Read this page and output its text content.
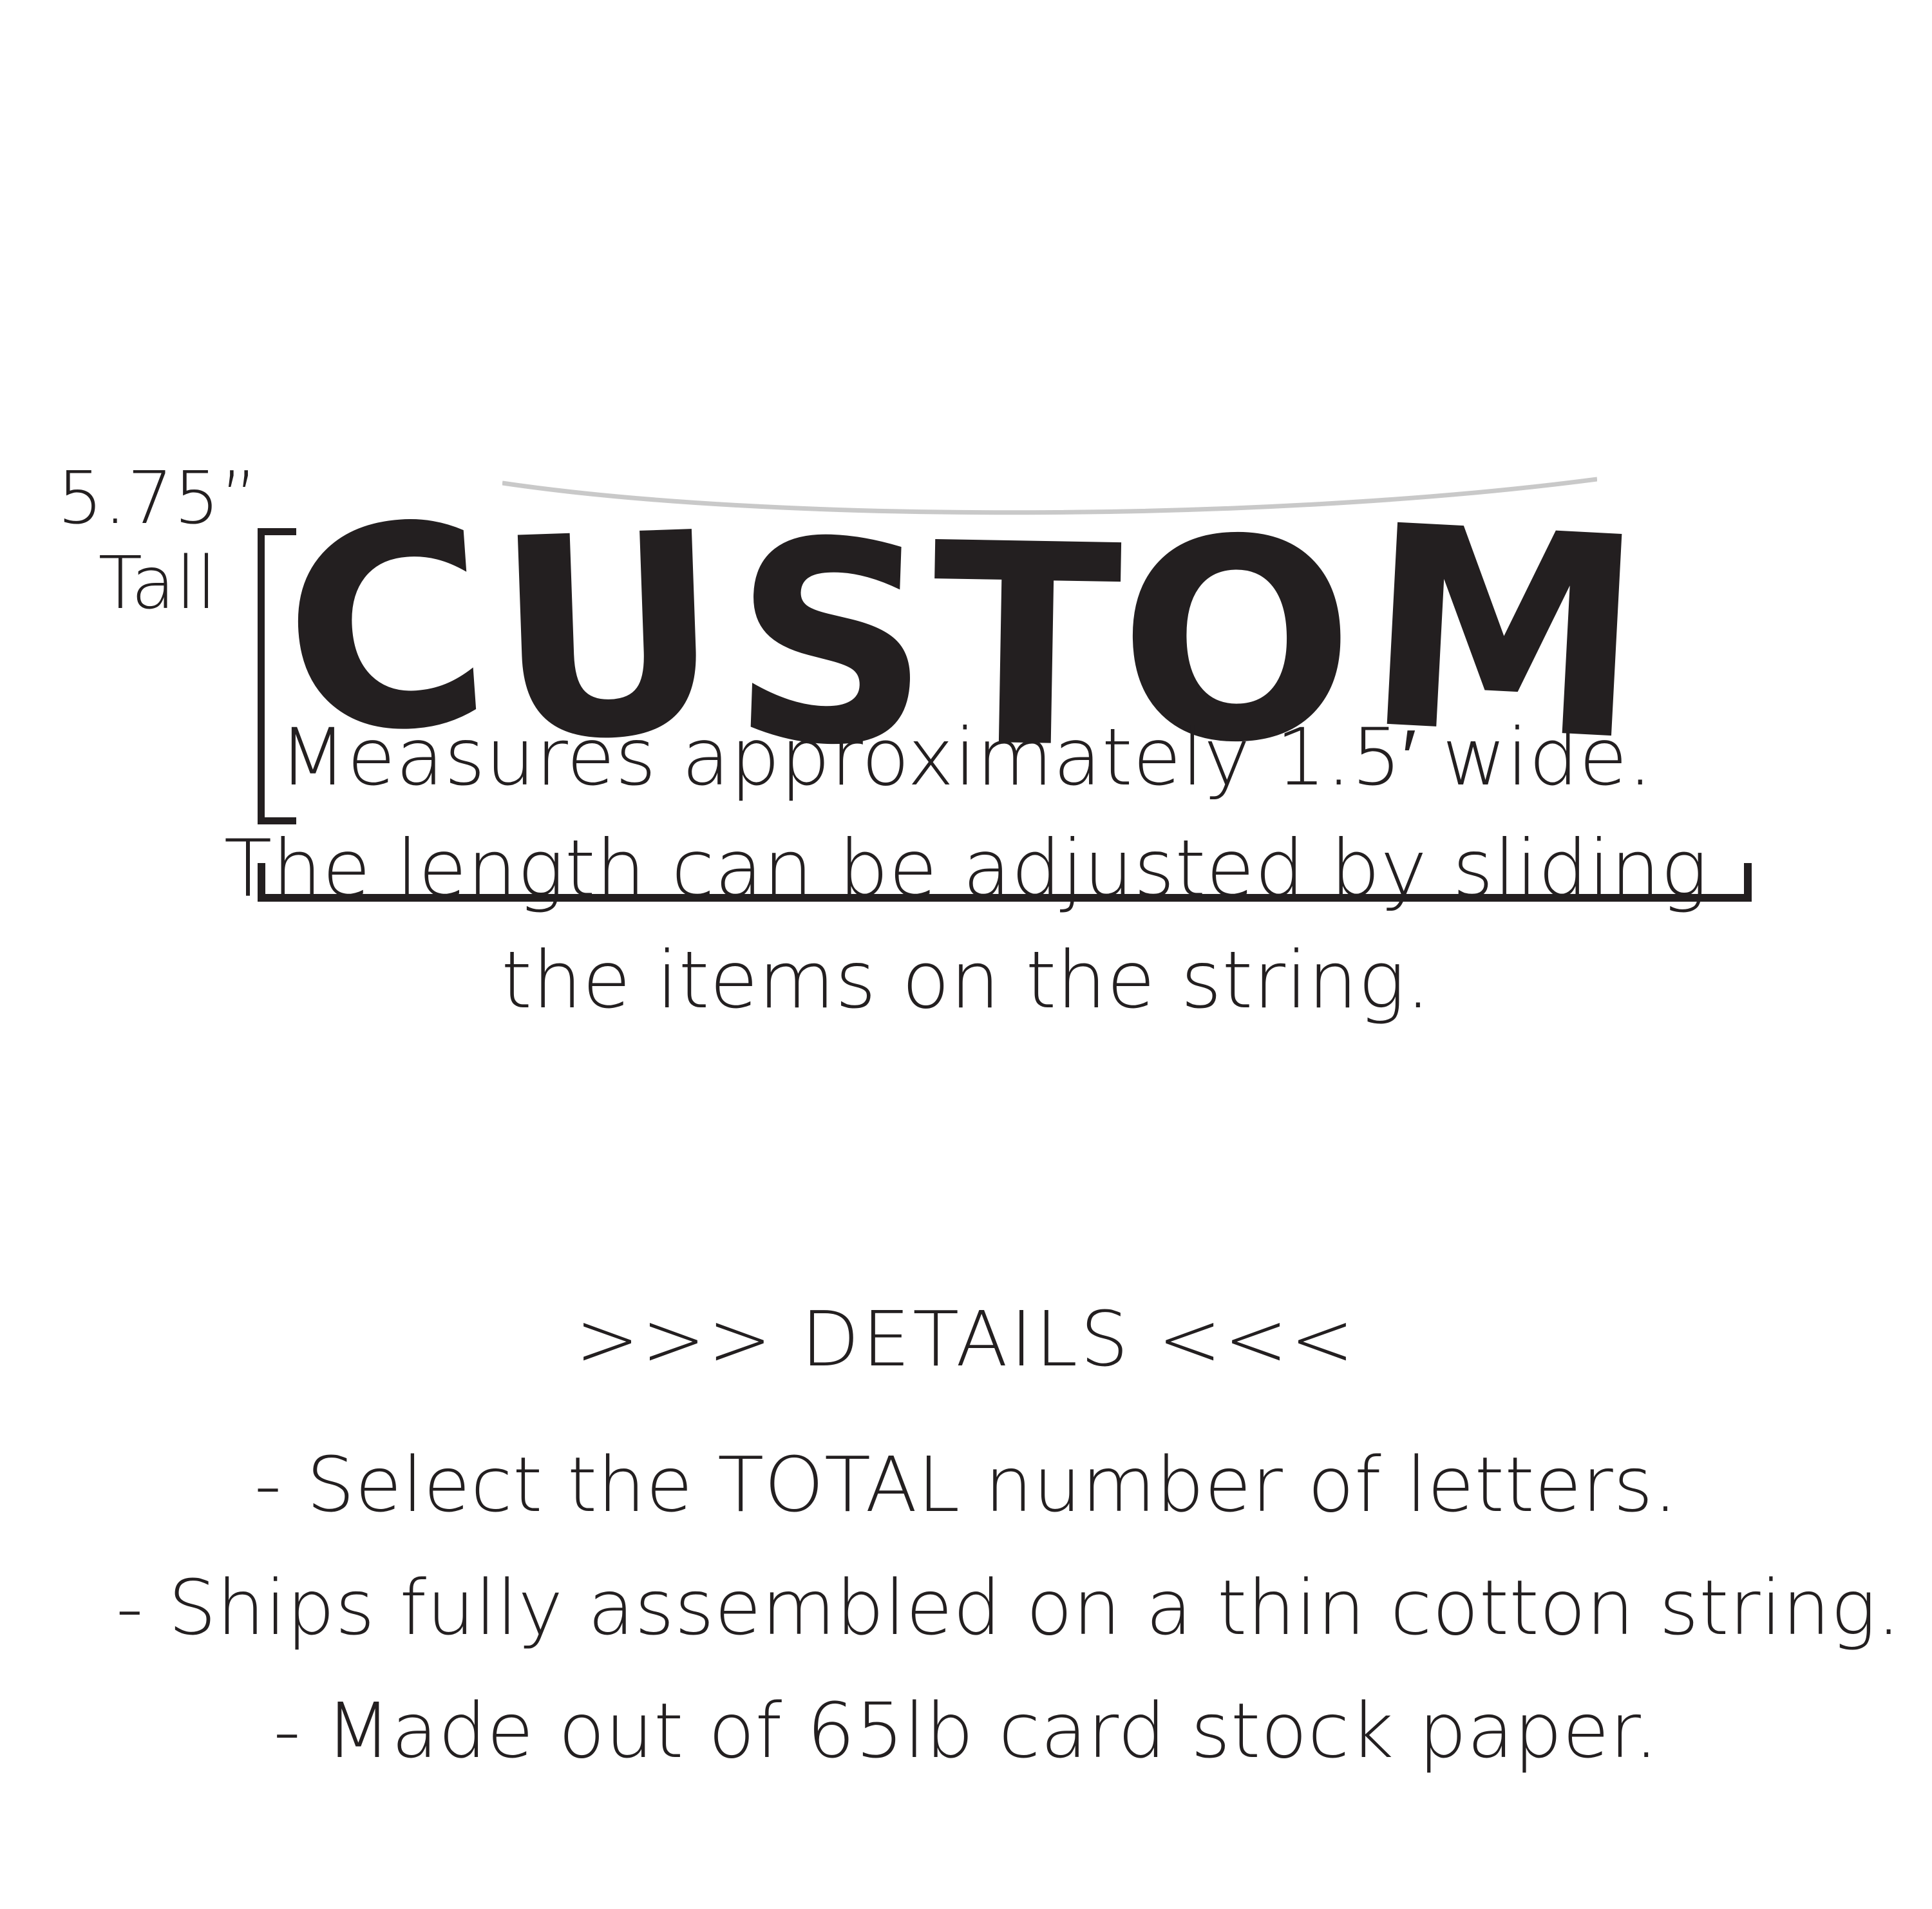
5.75”
Tall CUSTOM
Measures approximately 1.5′ wide.
The length can be adjusted by sliding
the items on the string.
>>> DETAILS <<<
- Select the TOTAL number of letters.
- Ships fully assembled on a thin cotton string.
- Made out of 65lb card stock paper.
